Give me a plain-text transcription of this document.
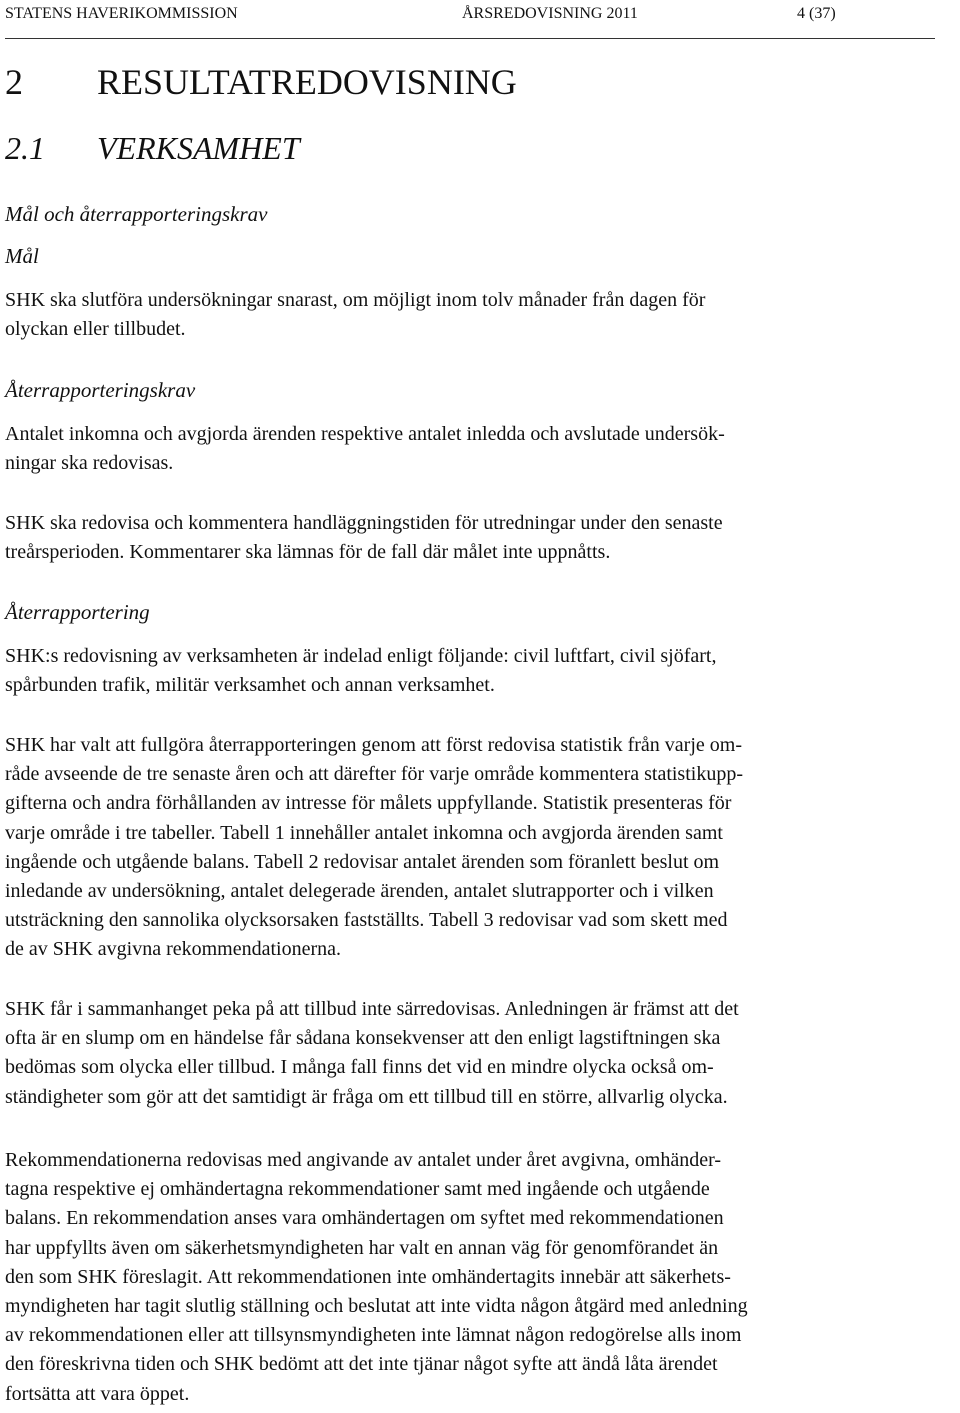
STATENS HAVERIKOMMISSION	ÅRSREDOVISNING 2011	4 (37)
2 RESULTATREDOVISNING
2.1 VERKSAMHET
Mål och återrapporteringskrav
Mål
SHK ska slutföra undersökningar snarast, om möjligt inom tolv månader från dagen för
olyckan eller tillbudet.
Återrapporteringskrav
Antalet inkomna och avgjorda ärenden respektive antalet inledda och avslutade undersök-
ningar ska redovisas.
SHK ska redovisa och kommentera handläggningstiden för utredningar under den senaste
treårsperioden. Kommentarer ska lämnas för de fall där målet inte uppnåtts.
Återrapportering
SHK:s redovisning av verksamheten är indelad enligt följande: civil luftfart, civil sjöfart,
spårbunden trafik, militär verksamhet och annan verksamhet.
SHK har valt att fullgöra återrapporteringen genom att först redovisa statistik från varje om-
råde avseende de tre senaste åren och att därefter för varje område kommentera statistikupp-
gifterna och andra förhållanden av intresse för målets uppfyllande. Statistik presenteras för
varje område i tre tabeller. Tabell 1 innehåller antalet inkomna och avgjorda ärenden samt
ingående och utgående balans. Tabell 2 redovisar antalet ärenden som föranlett beslut om
inledande av undersökning, antalet delegerade ärenden, antalet slutrapporter och i vilken
utsträckning den sannolika olycksorsaken fastställts. Tabell 3 redovisar vad som skett med
de av SHK avgivna rekommendationerna.
SHK får i sammanhanget peka på att tillbud inte särredovisas. Anledningen är främst att det
ofta är en slump om en händelse får sådana konsekvenser att den enligt lagstiftningen ska
bedömas som olycka eller tillbud. I många fall finns det vid en mindre olycka också om-
ständigheter som gör att det samtidigt är fråga om ett tillbud till en större, allvarlig olycka.
Rekommendationerna redovisas med angivande av antalet under året avgivna, omhänder-
tagna respektive ej omhändertagna rekommendationer samt med ingående och utgående
balans. En rekommendation anses vara omhändertagen om syftet med rekommendationen
har uppfyllts även om säkerhetsmyndigheten har valt en annan väg för genomförandet än
den som SHK föreslagit. Att rekommendationen inte omhändertagits innebär att säkerhets-
myndigheten har tagit slutlig ställning och beslutat att inte vidta någon åtgärd med anledning
av rekommendationen eller att tillsynsmyndigheten inte lämnat någon redogörelse alls inom
den föreskrivna tiden och SHK bedömt att det inte tjänar något syfte att ändå låta ärendet
fortsätta att vara öppet.
